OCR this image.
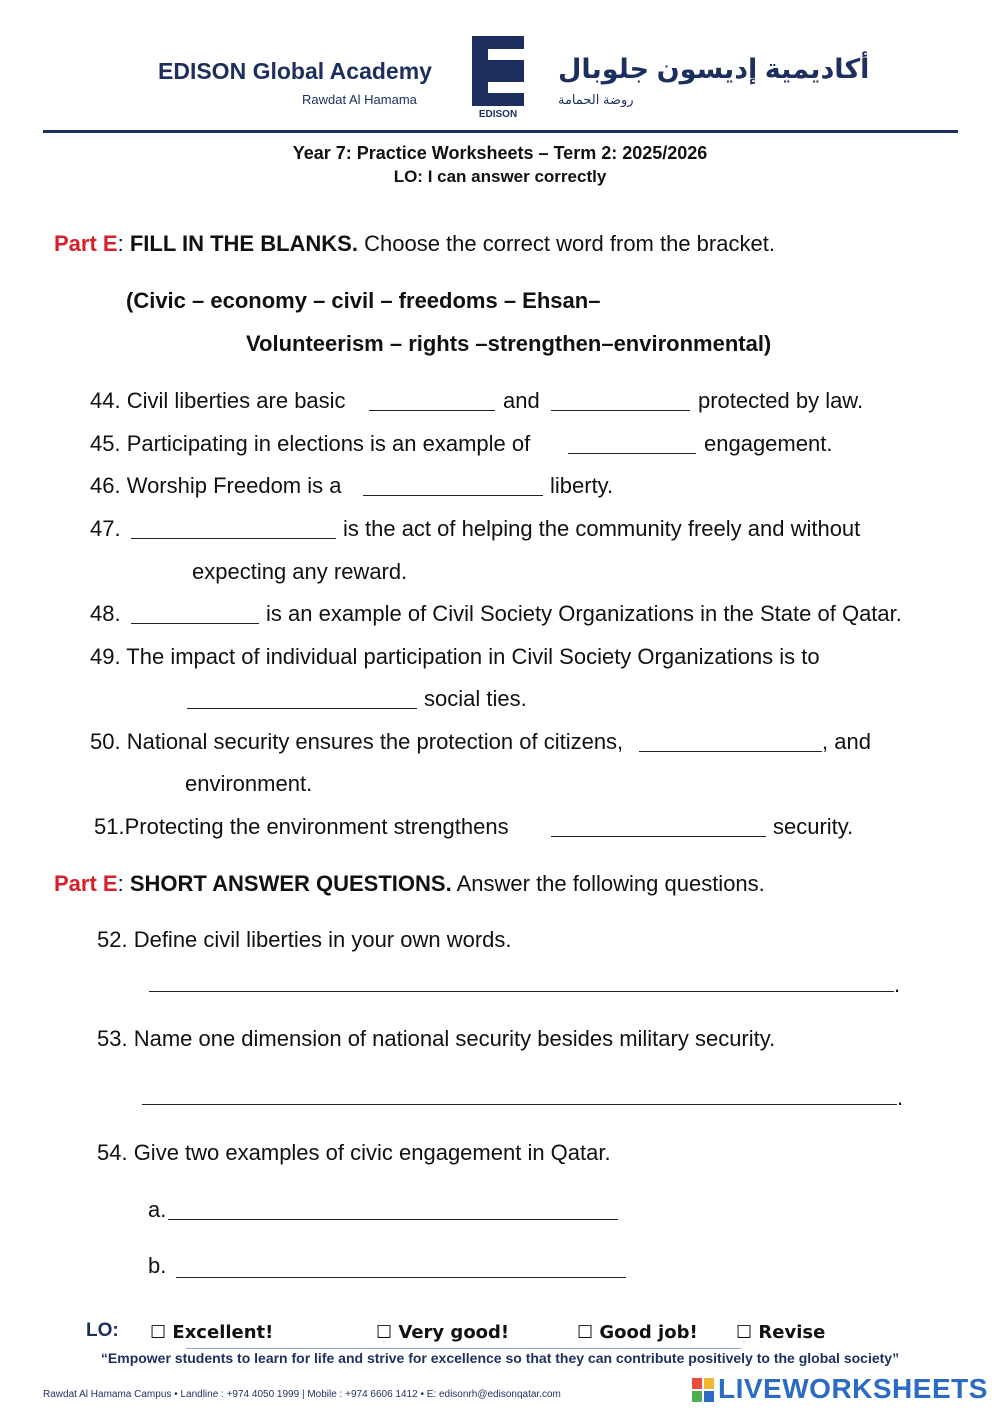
EDISON Global Academy
Rawdat Al Hamama
EDISON
أكاديمية إديسون جلوبال
روضة الحمامة
Year 7: Practice Worksheets – Term 2: 2025/2026
LO: I can answer correctly
Part E: FILL IN THE BLANKS. Choose the correct word from the bracket.
(Civic – economy – civil – freedoms – Ehsan–
Volunteerism – rights –strengthen–environmental)
44. Civil liberties are basic	and	protected by law.
45. Participating in elections is an example of	engagement.
46. Worship Freedom is a	liberty.
47.	is the act of helping the community freely and without
expecting any reward.
48.	is an example of Civil Society Organizations in the State of Qatar.
49. The impact of individual participation in Civil Society Organizations is to
social ties.
50. National security ensures the protection of citizens,	, and
environment.
51.Protecting the environment strengthens	security.
Part E: SHORT ANSWER QUESTIONS. Answer the following questions.
52. Define civil liberties in your own words.
.
53. Name one dimension of national security besides military security.
.
54. Give two examples of civic engagement in Qatar.
a.
b.
LO: ☐ Excellent!	☐ Very good!	☐ Good job! ☐ Revise
“Empower students to learn for life and strive for excellence so that they can contribute positively to the global society”
Rawdat Al Hamama Campus • Landline : +974 4050 1999 | Mobile : +974 6606 1412 • E: edisonrh@edisonqatar.com	LIVEWORKSHEETS
